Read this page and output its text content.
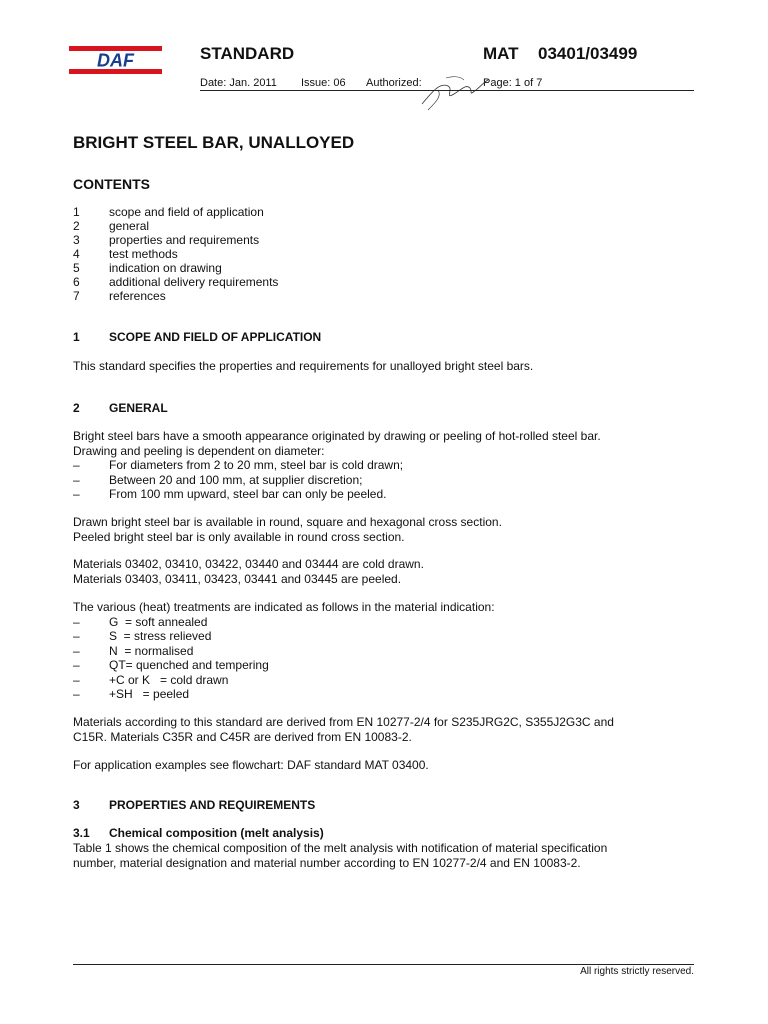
DAF	STANDARD	MAT 03401/03499
Date: Jan. 2011 Issue: 06 Authorized:	Page: 1 of 7
BRIGHT STEEL BAR, UNALLOYED
CONTENTS
1	scope and field of application
2	general
3	properties and requirements
4	test methods
5	indication on drawing
6	additional delivery requirements
7	references
1 SCOPE AND FIELD OF APPLICATION
This standard specifies the properties and requirements for unalloyed bright steel bars.
2 GENERAL
Bright steel bars have a smooth appearance originated by drawing or peeling of hot-rolled steel bar.
Drawing and peeling is dependent on diameter:
–	For diameters from 2 to 20 mm, steel bar is cold drawn;
–	Between 20 and 100 mm, at supplier discretion;
–	From 100 mm upward, steel bar can only be peeled.
Drawn bright steel bar is available in round, square and hexagonal cross section.
Peeled bright steel bar is only available in round cross section.
Materials 03402, 03410, 03422, 03440 and 03444 are cold drawn.
Materials 03403, 03411, 03423, 03441 and 03445 are peeled.
The various (heat) treatments are indicated as follows in the material indication:
–	G  = soft annealed
–	S  = stress relieved
–	N  = normalised
–	QT= quenched and tempering
–	+C or K   = cold drawn
–	+SH   = peeled
Materials according to this standard are derived from EN 10277-2/4 for S235JRG2C, S355J2G3C and
C15R. Materials C35R and C45R are derived from EN 10083-2.
For application examples see flowchart: DAF standard MAT 03400.
3 PROPERTIES AND REQUIREMENTS
3.1 Chemical composition (melt analysis)
Table 1 shows the chemical composition of the melt analysis with notification of material specification
number, material designation and material number according to EN 10277-2/4 and EN 10083-2.
All rights strictly reserved.
